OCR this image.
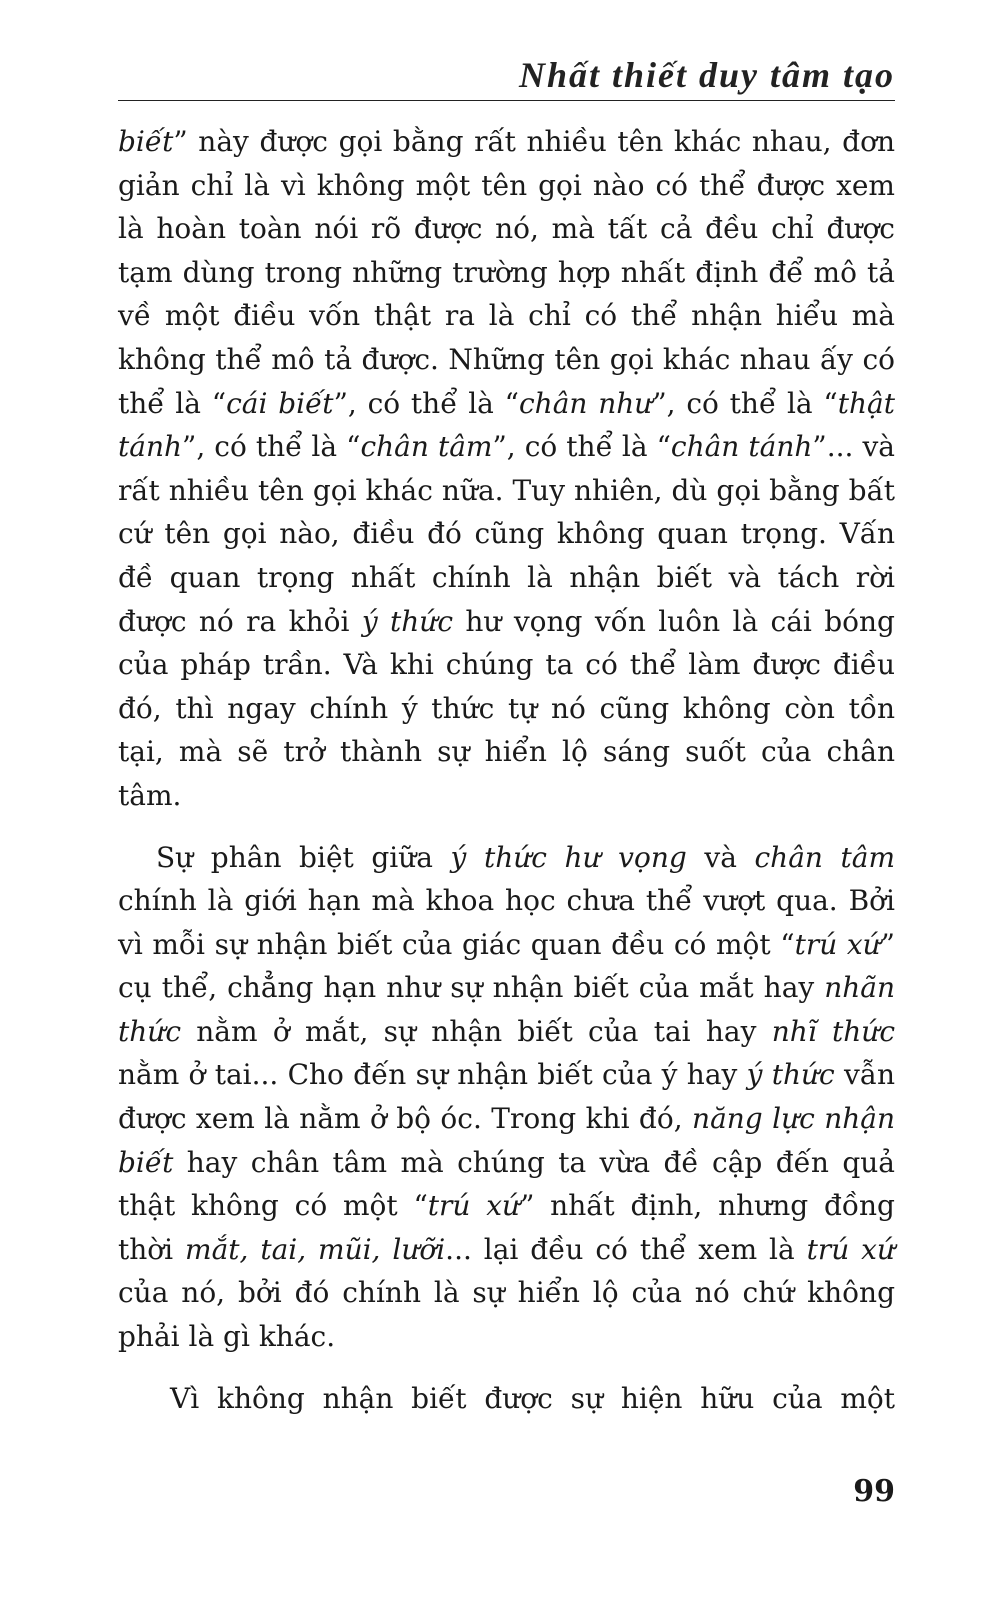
Nhất thiết duy tâm tạo

biết” này được gọi bằng rất nhiều tên khác nhau, đơn giản chỉ là vì không một tên gọi nào có thể được xem là hoàn toàn nói rõ được nó, mà tất cả đều chỉ được tạm dùng trong những trường hợp nhất định để mô tả về một điều vốn thật ra là chỉ có thể nhận hiểu mà không thể mô tả được. Những tên gọi khác nhau ấy có thể là “cái biết”, có thể là “chân như”, có thể là “thật tánh”, có thể là “chân tâm”, có thể là “chân tánh”... và rất nhiều tên gọi khác nữa. Tuy nhiên, dù gọi bằng bất cứ tên gọi nào, điều đó cũng không quan trọng. Vấn đề quan trọng nhất chính là nhận biết và tách rời được nó ra khỏi ý thức hư vọng vốn luôn là cái bóng của pháp trần. Và khi chúng ta có thể làm được điều đó, thì ngay chính ý thức tự nó cũng không còn tồn tại, mà sẽ trở thành sự hiển lộ sáng suốt của chân tâm.

Sự phân biệt giữa ý thức hư vọng và chân tâm chính là giới hạn mà khoa học chưa thể vượt qua. Bởi vì mỗi sự nhận biết của giác quan đều có một “trú xứ” cụ thể, chẳng hạn như sự nhận biết của mắt hay nhãn thức nằm ở mắt, sự nhận biết của tai hay nhĩ thức nằm ở tai... Cho đến sự nhận biết của ý hay ý thức vẫn được xem là nằm ở bộ óc. Trong khi đó, năng lực nhận biết hay chân tâm mà chúng ta vừa đề cập đến quả thật không có một “trú xứ” nhất định, nhưng đồng thời mắt, tai, mũi, lưỡi... lại đều có thể xem là trú xứ của nó, bởi đó chính là sự hiển lộ của nó chứ không phải là gì khác.

Vì không nhận biết được sự hiện hữu của một

99
